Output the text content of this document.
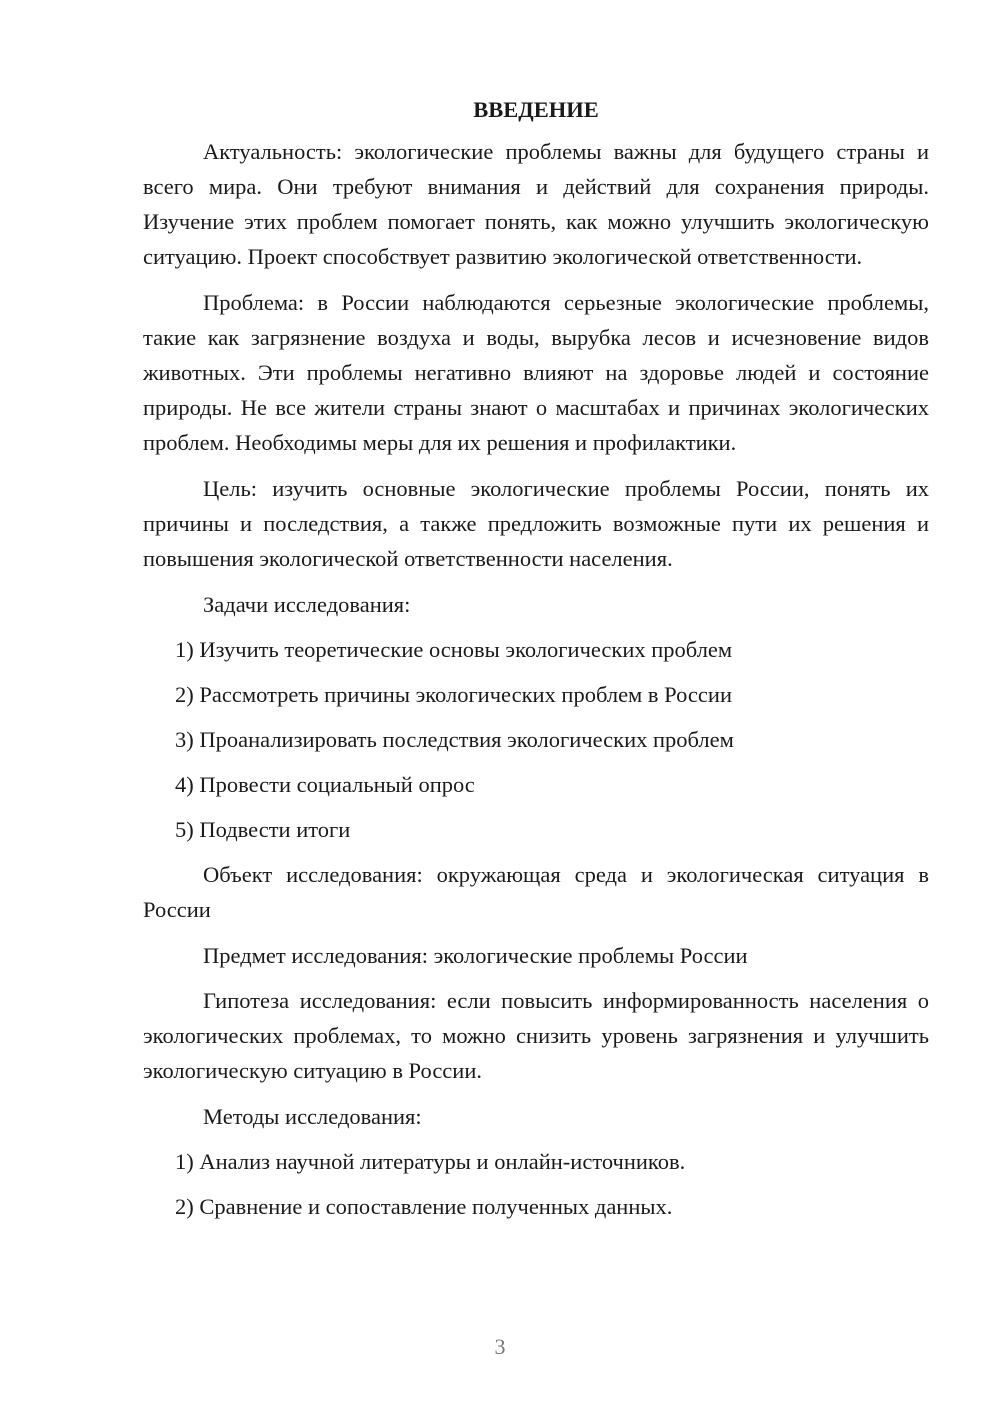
ВВЕДЕНИЕ

Актуальность: экологические проблемы важны для будущего страны и всего мира. Они требуют внимания и действий для сохранения природы. Изучение этих проблем помогает понять, как можно улучшить экологическую ситуацию. Проект способствует развитию экологической ответственности.

Проблема: в России наблюдаются серьезные экологические проблемы, такие как загрязнение воздуха и воды, вырубка лесов и исчезновение видов животных. Эти проблемы негативно влияют на здоровье людей и состояние природы. Не все жители страны знают о масштабах и причинах экологических проблем. Необходимы меры для их решения и профилактики.

Цель: изучить основные экологические проблемы России, понять их причины и последствия, а также предложить возможные пути их решения и повышения экологической ответственности населения.

Задачи исследования:

1) Изучить теоретические основы экологических проблем
2) Рассмотреть причины экологических проблем в России
3) Проанализировать последствия экологических проблем
4) Провести социальный опрос
5) Подвести итоги

Объект исследования: окружающая среда и экологическая ситуация в России

Предмет исследования: экологические проблемы России

Гипотеза исследования: если повысить информированность населения о экологических проблемах, то можно снизить уровень загрязнения и улучшить экологическую ситуацию в России.

Методы исследования:

1) Анализ научной литературы и онлайн-источников.
2) Сравнение и сопоставление полученных данных.
3
